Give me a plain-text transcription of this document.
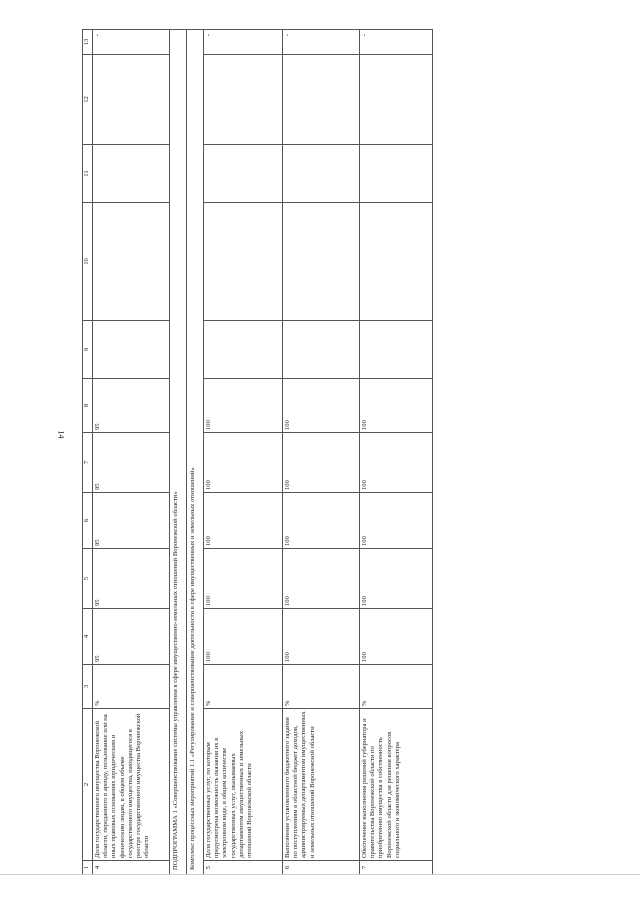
14
1	2	3	4	5	6	7	8	9	10	11	12	13
4	Доля государственного имущества Воронежской области, переданного в аренду, пользование или на иных правовых основаниях юридическим и физическим лицам, в общем объеме государственного имущества, находящегося в реестре государственного имущества Воронежской области	%	95	95	95	95	95					-
ПОДПРОГРАММА 1 «Совершенствование системы управления в сфере имущественно-земельных отношений Воронежской области»												
Комплекс процессных мероприятий 1.1 «Регулирование и совершенствование деятельности в сфере имущественных и земельных отношений»												
5	Доля государственных услуг, по которым предусмотрена возможность оказания их в электронном виде, в общем количестве государственных услуг, оказываемых департаментом имущественных и земельных отношений Воронежской области	%	100	100	100	100	100					-
6	Выполнение установленного бюджетного задания по поступлениям в областной бюджет доходов, администрируемых департаментом имущественных и земельных отношений Воронежской области	%	100	100	100	100	100					-
7	Обеспечение выполнения решений губернатора и правительства Воронежской области по приобретению имущества в собственность Воронежской области для решения вопросов социального и экономического характера	%	100	100	100	100	100					-
